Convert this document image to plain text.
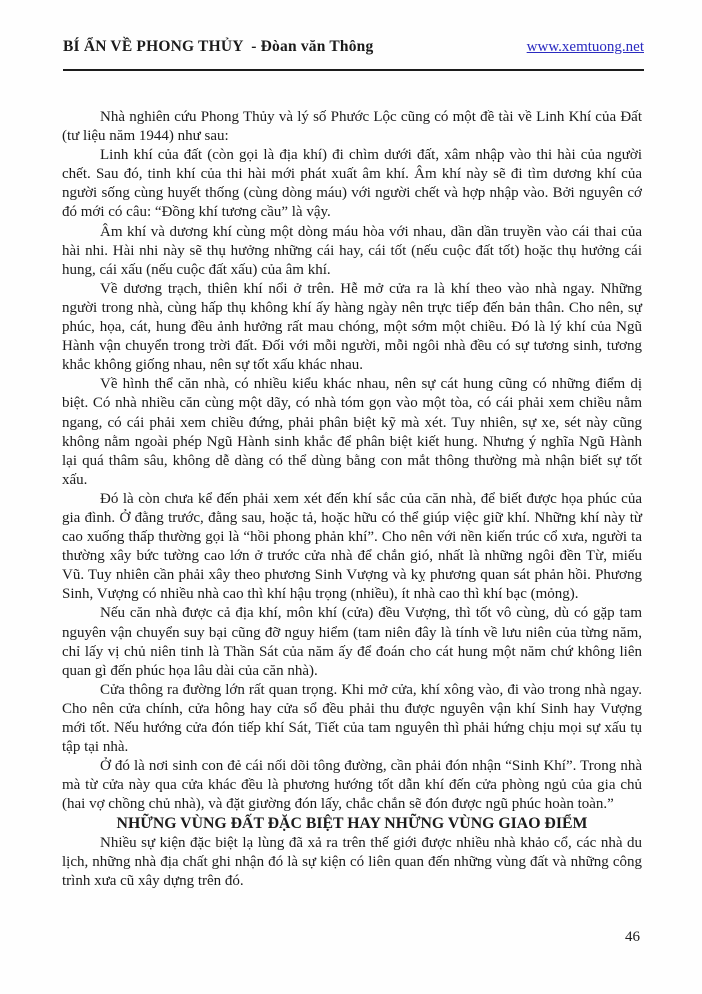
BÍ ẨN VỀ PHONG THỦY  - Đòan văn Thông	www.xemtuong.net

Nhà nghiên cứu Phong Thủy và lý số Phước Lộc cũng có một đề tài về Linh Khí của Đất (tư liệu năm 1944) như sau:

Linh khí của đất (còn gọi là địa khí) đi chìm dưới đất, xâm nhập vào thi hài của người chết. Sau đó, tinh khí của thi hài mới phát xuất âm khí. Âm khí này sẽ đi tìm dương khí của người sống cùng huyết thống (cùng dòng máu) với người chết và hợp nhập vào. Bởi nguyên cớ đó mới có câu: “Đồng khí tương cầu” là vậy.

Âm khí và dương khí cùng một dòng máu hòa với nhau, dần dần truyền vào cái thai của hài nhi. Hài nhi này sẽ thụ hưởng những cái hay, cái tốt (nếu cuộc đất tốt) hoặc thụ hưởng cái hung, cái xấu (nếu cuộc đất xấu) của âm khí.

Về dương trạch, thiên khí nổi ở trên. Hễ mở cửa ra là khí theo vào nhà ngay. Những người trong nhà, cùng hấp thụ không khí ấy hàng ngày nên trực tiếp đến bản thân. Cho nên, sự phúc, họa, cát, hung đều ảnh hưởng rất mau chóng, một sớm một chiều. Đó là lý khí của Ngũ Hành vận chuyển trong trời đất. Đối với mỗi người, mỗi ngôi nhà đều có sự tương sinh, tương khắc không giống nhau, nên sự tốt xấu khác nhau.

Về hình thể căn nhà, có nhiều kiểu khác nhau, nên sự cát hung cũng có những điểm dị biệt. Có nhà nhiều căn cùng một dãy, có nhà tóm gọn vào một tòa, có cái phải xem chiều nằm ngang, có cái phải xem chiều đứng, phải phân biệt kỹ mà xét. Tuy nhiên, sự xe, sét này cũng không nằm ngoài phép Ngũ Hành sinh khắc để phân biệt kiết hung. Nhưng ý nghĩa Ngũ Hành lại quá thâm sâu, không dễ dàng có thể dùng bằng con mắt thông thường mà nhận biết sự tốt xấu.

Đó là còn chưa kể đến phải xem xét đến khí sắc của căn nhà, để biết được họa phúc của gia đình. Ở đằng trước, đằng sau, hoặc tả, hoặc hữu có thể giúp việc giữ khí. Những khí này từ cao xuống thấp thường gọi là “hồi phong phản khí”. Cho nên với nền kiến trúc cổ xưa, người ta thường xây bức tường cao lớn ở trước cửa nhà để chắn gió, nhất là những ngôi đền Từ, miếu Vũ. Tuy nhiên cần phải xây theo phương Sinh Vượng và kỵ phương quan sát phản hồi. Phương Sinh, Vượng có nhiều nhà cao thì khí hậu trọng (nhiều), ít nhà cao thì khí bạc (mỏng).

Nếu căn nhà được cả địa khí, môn khí (cửa) đều Vượng, thì tốt vô cùng, dù có gặp tam nguyên vận chuyển suy bại cũng đỡ nguy hiểm (tam niên đây là tính về lưu niên của từng năm, chỉ lấy vị chủ niên tinh là Thần Sát của năm ấy để đoán cho cát hung một năm chứ không liên quan gì đến phúc họa lâu dài của căn nhà).

Cửa thông ra đường lớn rất quan trọng. Khi mở cửa, khí xông vào, đi vào trong nhà ngay. Cho nên cửa chính, cửa hông hay cửa sổ đều phải thu được nguyên vận khí Sinh hay Vượng mới tốt. Nếu hướng cửa đón tiếp khí Sát, Tiết của tam nguyên thì phải hứng chịu mọi sự xấu tụ tập tại nhà.

Ở đó là nơi sinh con đẻ cái nối dõi tông đường, cần phải đón nhận “Sinh Khí”. Trong nhà mà từ cửa này qua cửa khác đều là phương hướng tốt dẫn khí đến cửa phòng ngủ của gia chủ (hai vợ chồng chủ nhà), và đặt giường đón lấy, chắc chắn sẽ đón được ngũ phúc hoàn toàn.”

NHỮNG VÙNG ĐẤT ĐẶC BIỆT HAY NHỮNG VÙNG GIAO ĐIỂM

Nhiều sự kiện đặc biệt lạ lùng đã xả ra trên thế giới được nhiều nhà khảo cổ, các nhà du lịch, những nhà địa chất ghi nhận đó là sự kiện có liên quan đến những vùng đất và những công trình xưa cũ xây dựng trên đó.

46
